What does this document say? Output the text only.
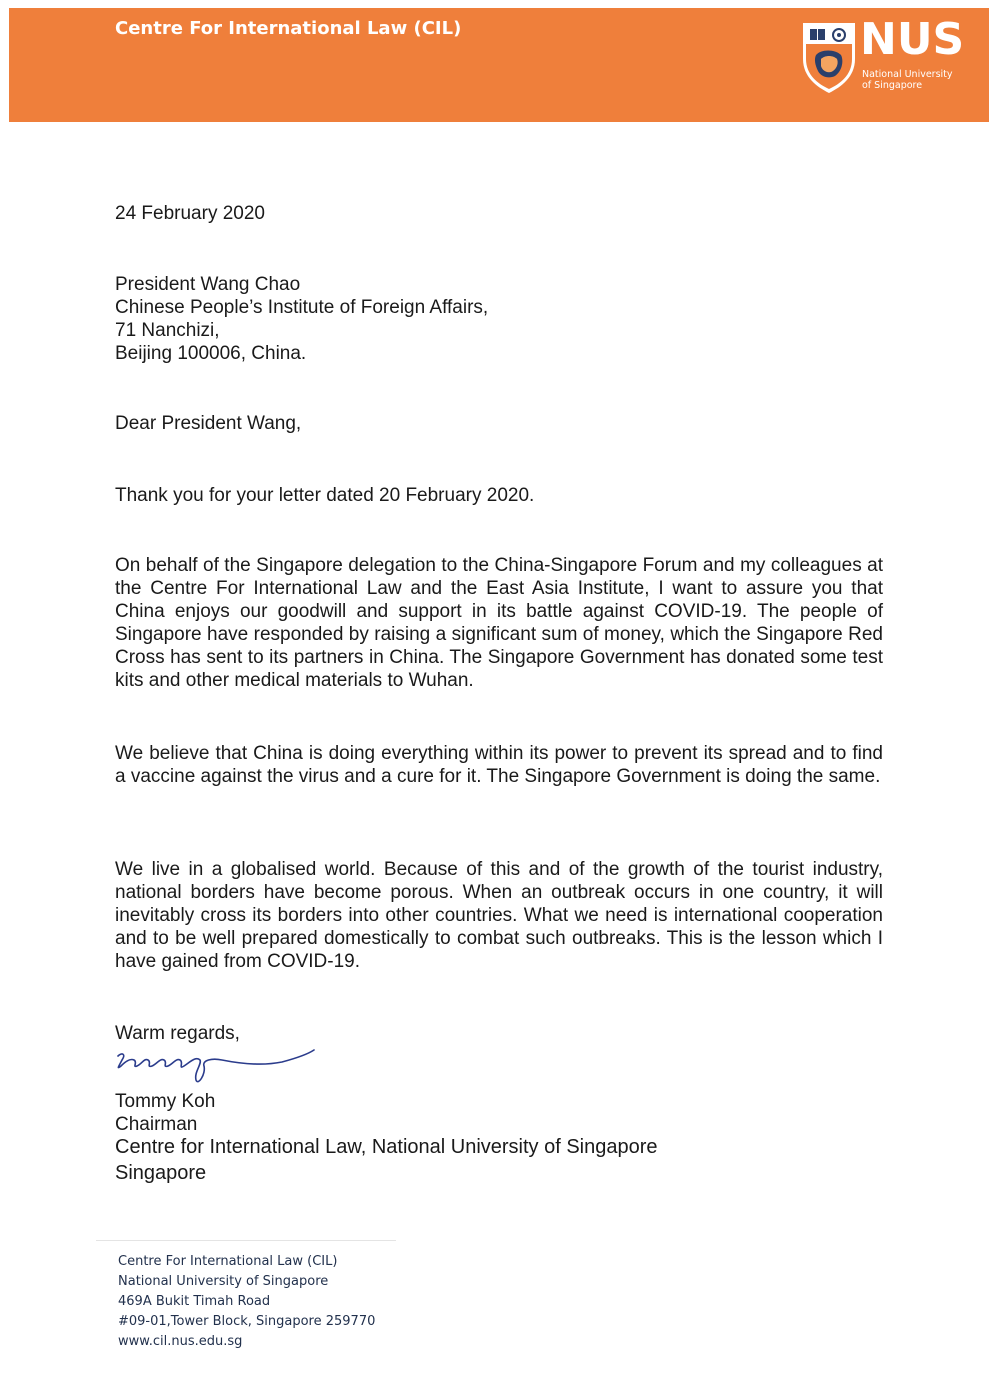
Centre For International Law (CIL)	NUS
National University
of Singapore
24 February 2020
President Wang Chao
Chinese People’s Institute of Foreign Affairs,
71 Nanchizi,
Beijing 100006, China.
Dear President Wang,
Thank you for your letter dated 20 February 2020.
On behalf of the Singapore delegation to the China-Singapore Forum and my colleagues at the Centre For International Law and the East Asia Institute, I want to assure you that China enjoys our goodwill and support in its battle against COVID-19. The people of Singapore have responded by raising a significant sum of money, which the Singapore Red Cross has sent to its partners in China. The Singapore Government has donated some test kits and other medical materials to Wuhan.
We believe that China is doing everything within its power to prevent its spread and to find a vaccine against the virus and a cure for it. The Singapore Government is doing the same.
We live in a globalised world. Because of this and of the growth of the tourist industry, national borders have become porous. When an outbreak occurs in one country, it will inevitably cross its borders into other countries. What we need is international cooperation and to be well prepared domestically to combat such outbreaks. This is the lesson which I have gained from COVID-19.
Warm regards,
Tommy Koh
Chairman
Centre for International Law, National University of Singapore
Singapore
Centre For International Law (CIL)
National University of Singapore
469A Bukit Timah Road
#09-01,Tower Block, Singapore 259770
www.cil.nus.edu.sg
